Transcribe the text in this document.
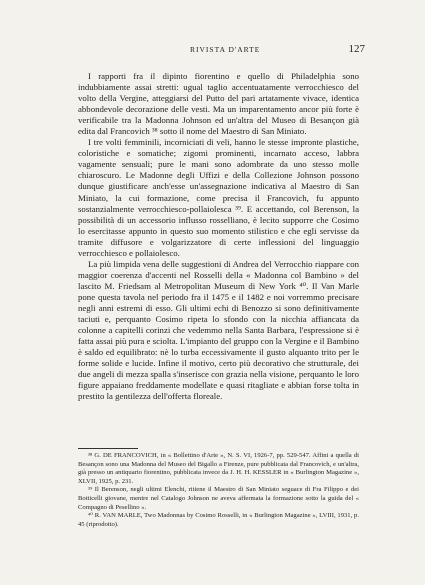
RIVISTA D'ARTE	127

I rapporti fra il dipinto fiorentino e quello di Philadelphia sono indubbiamente assai stretti: ugual taglio accentuatamente verrocchiesco del volto della Vergine, atteggiarsi del Putto del pari artatamente vivace, identica abbondevole decorazione delle vesti. Ma un imparentamento ancor più forte è verificabile tra la Madonna Johnson ed un'altra del Museo di Besançon già edita dal Francovich ³⁸ sotto il nome del Maestro di San Miniato.

I tre volti femminili, incorniciati di veli, hanno le stesse impronte plastiche, coloristiche e somatiche; zigomi prominenti, incarnato acceso, labbra vagamente sensuali; pure le mani sono adombrate da uno stesso molle chiaroscuro. Le Madonne degli Uffizi e della Collezione Johnson possono dunque giustificare anch'esse un'assegnazione indicativa al Maestro di San Miniato, la cui formazione, come precisa il Francovich, fu appunto sostanzialmente verrocchiesco-pollaiolesca ³⁹. E accettando, col Berenson, la possibilità di un accessorio influsso rosselliano, è lecito supporre che Cosimo lo esercitasse appunto in questo suo momento stilistico e che egli servisse da tramite diffusore e volgarizzatore di certe inflessioni del linguaggio verrocchiesco e pollaiolesco.

La più limpida vena delle suggestioni di Andrea del Verrocchio riappare con maggior coerenza d'accenti nel Rosselli della « Madonna col Bambino » del lascito M. Friedsam al Metropolitan Museum di New York ⁴⁰. Il Van Marle pone questa tavola nel periodo fra il 1475 e il 1482 e noi vorremmo precisare negli anni estremi di esso. Gli ultimi echi di Benozzo si sono definitivamente taciuti e, perquanto Cosimo ripeta lo sfondo con la nicchia affiancata da colonne a capitelli corinzi che vedemmo nella Santa Barbara, l'espressione si è fatta assai più pura e sciolta. L'impianto del gruppo con la Vergine e il Bambino è saldo ed equilibrato: nè lo turba eccessivamente il gusto alquanto trito per le forme solide e lucide. Infine il motivo, certo più decorativo che strutturale, dei due angeli di mezza spalla s'inserisce con grazia nella visione, perquanto le loro figure appaiano freddamente modellate e quasi ritagliate e abbian forse tolta in prestito la gentilezza dell'offerta floreale.

³⁸ G. DE FRANCOVICH, in « Bollettino d'Arte », N. S. VI, 1926-7, pp. 529-547. Affini a quella di Besançon sono una Madonna del Museo del Bigallo a Firenze, pure pubblicata dal Francovich, e un'altra, già presso un antiquario fiorentino, pubblicata invece da J. H. H. KESSLER in « Burlington Magazine », XLVII, 1925, p. 231.

³⁹ Il Berenson, negli ultimi Elenchi, ritiene il Maestro di San Miniato seguace di Fra Filippo e dei Botticelli giovane, mentre nel Catalogo Johnson ne aveva affermata la formazione sotto la guida del « Compagno di Pesellino ».

⁴⁰ R. VAN MARLE, Two Madonnas by Cosimo Rosselli, in « Burlington Magazine », LVIII, 1931, p. 45 (riprodotto).
